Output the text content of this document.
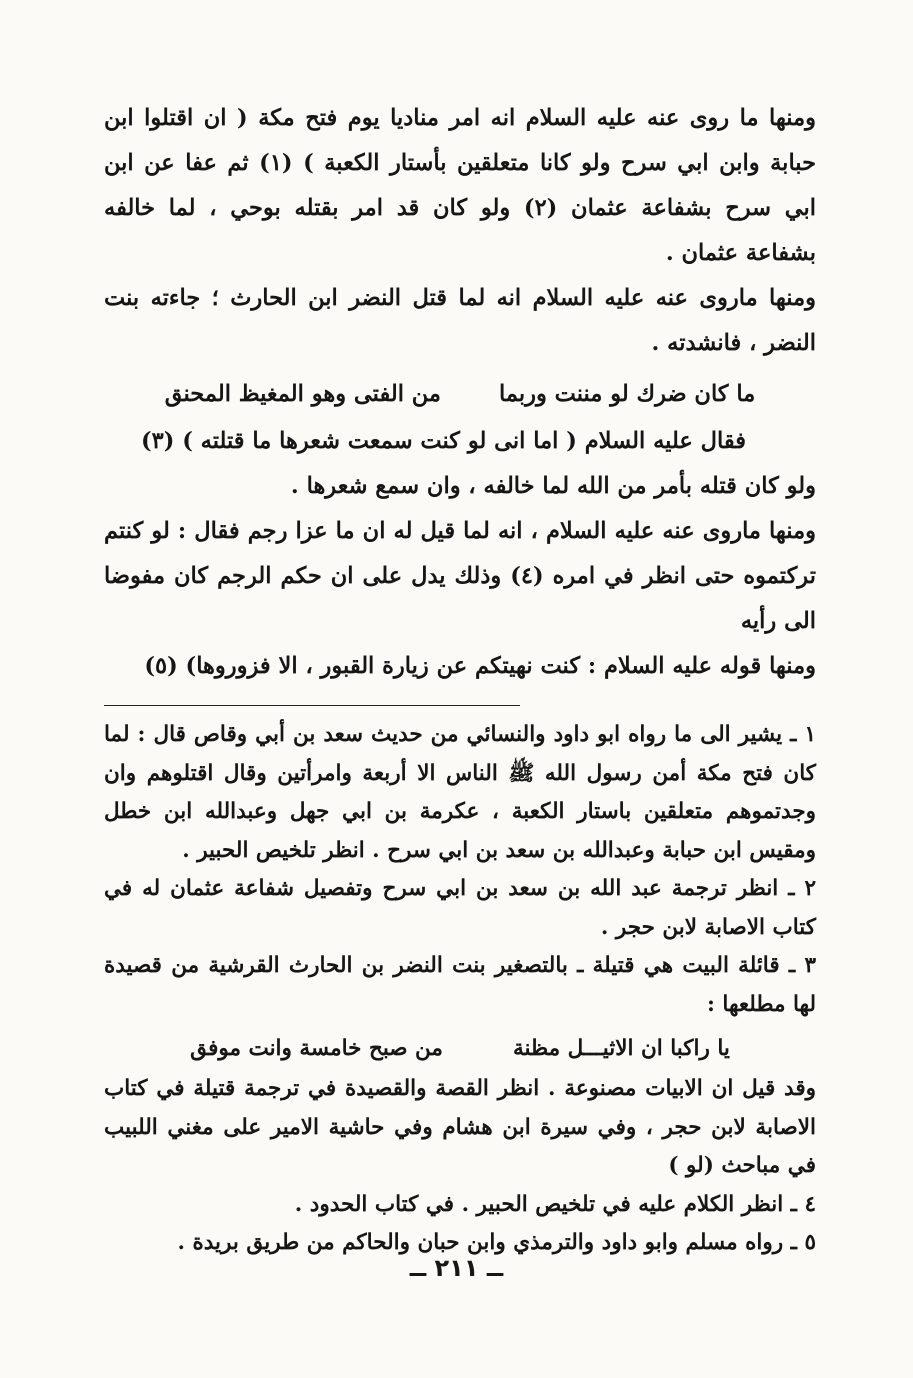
ومنها ما روى عنه عليه السلام انه امر مناديا يوم فتح مكة ( ان اقتلوا ابن حبابة وابن ابي سرح ولو كانا متعلقين بأستار الكعبة ) (١) ثم عفا عن ابن ابي سرح بشفاعة عثمان (٢) ولو كان قد امر بقتله بوحي ، لما خالفه بشفاعة عثمان .

ومنها ماروى عنه عليه السلام انه لما قتل النضر ابن الحارث ؛ جاءته بنت النضر ، فانشدته .

ما كان ضرك لو مننت وربما
من الفتى وهو المغيظ المحنق

فقال عليه السلام ( اما انى لو كنت سمعت شعرها ما قتلته ) (٣)

ولو كان قتله بأمر من الله لما خالفه ، وان سمع شعرها .

ومنها ماروى عنه عليه السلام ، انه لما قيل له ان ما عزا رجم فقال : لو كنتم تركتموه حتى انظر في امره (٤) وذلك يدل على ان حكم الرجم كان مفوضا الى رأيه

ومنها قوله عليه السلام : كنت نهيتكم عن زيارة القبور ، الا فزوروها) (٥)

١ ـ يشير الى ما رواه ابو داود والنسائي من حديث سعد بن أبي وقاص قال : لما كان فتح مكة أمن رسول الله ﷺ الناس الا أربعة وامرأتين وقال اقتلوهم وان وجدتموهم متعلقين باستار الكعبة ، عكرمة بن ابي جهل وعبدالله ابن خطل ومقيس ابن حبابة وعبدالله بن سعد بن ابي سرح . انظر تلخيص الحبير .

٢ ـ انظر ترجمة عبد الله بن سعد بن ابي سرح وتفصيل شفاعة عثمان له في كتاب الاصابة لابن حجر .

٣ ـ قائلة البيت هي قتيلة ـ بالتصغير بنت النضر بن الحارث القرشية من قصيدة لها مطلعها :

يا راكبا ان الاثيـــل مظنة
من صبح خامسة وانت موفق

وقد قيل ان الابيات مصنوعة . انظر القصة والقصيدة في ترجمة قتيلة في كتاب الاصابة لابن حجر ، وفي سيرة ابن هشام وفي حاشية الامير على مغني اللبيب في مباحث (لو )

٤ ـ انظر الكلام عليه في تلخيص الحبير . في كتاب الحدود .

٥ ـ رواه مسلم وابو داود والترمذي وابن حبان والحاكم من طريق بريدة .

ــ ٢١١ ــ
